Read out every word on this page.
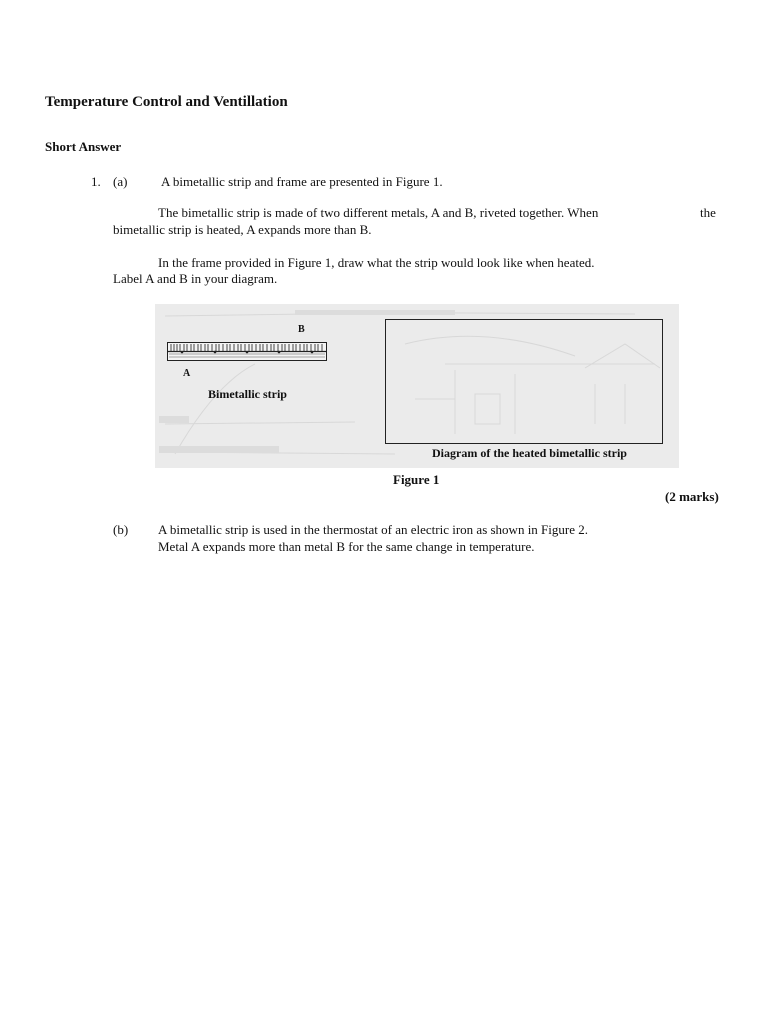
Temperature Control and Ventillation
Short Answer
1. (a)	A bimetallic strip and frame are presented in Figure 1.
The bimetallic strip is made of two different metals, A and B, riveted together. When	the
bimetallic strip is heated, A expands more than B.
In the frame provided in Figure 1, draw what the strip would look like when heated.
Label A and B in your diagram.
B
A
Bimetallic strip
Diagram of the heated bimetallic strip
Figure 1
(2 marks)
(b) A bimetallic strip is used in the thermostat of an electric iron as shown in Figure 2.
Metal A expands more than metal B for the same change in temperature.
